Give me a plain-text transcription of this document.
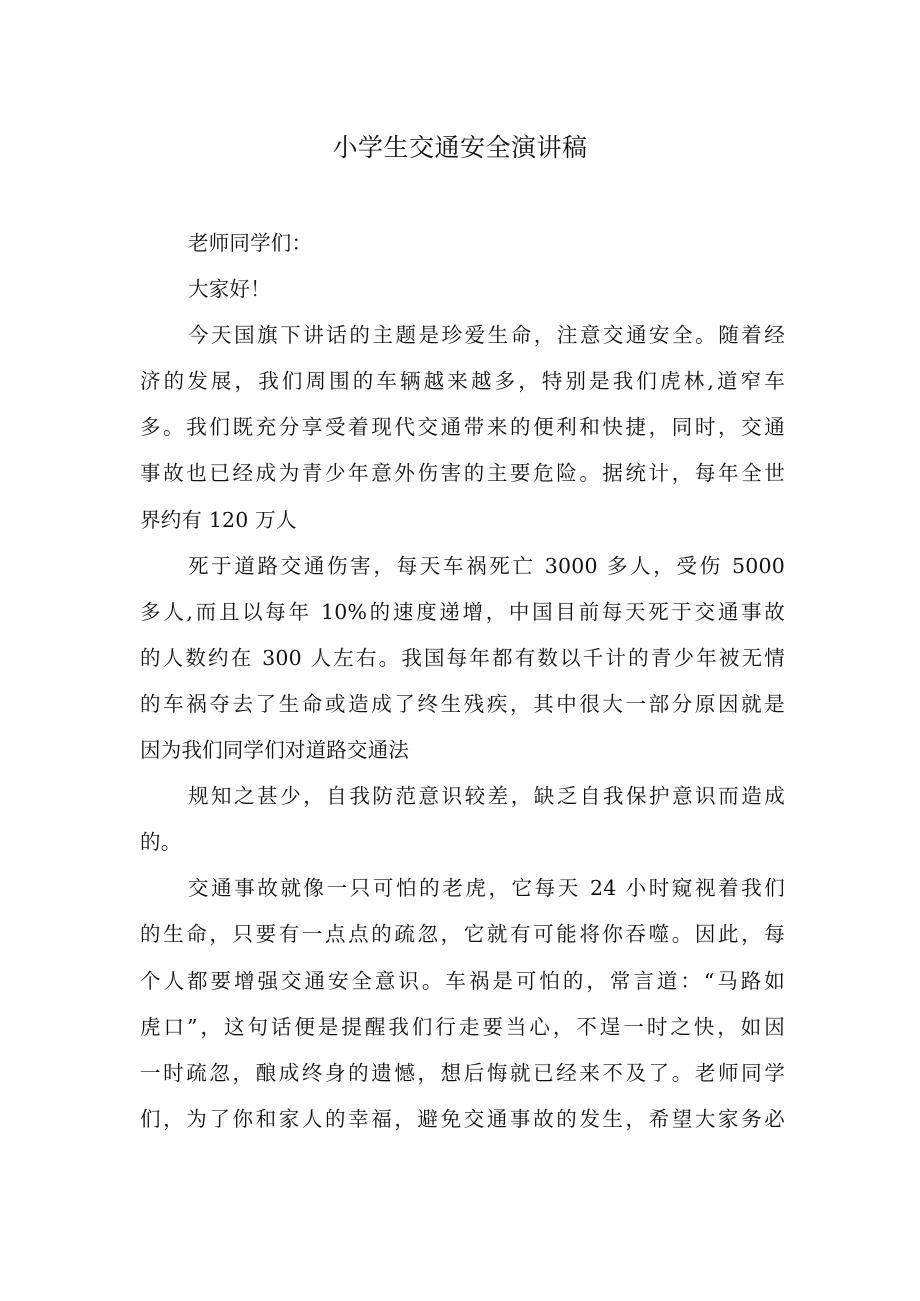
小学生交通安全演讲稿
老师同学们：
大家好！
今天国旗下讲话的主题是珍爱生命，注意交通安全。随着经
济的发展，我们周围的车辆越来越多，特别是我们虎林,道窄车
多。我们既充分享受着现代交通带来的便利和快捷，同时，交通
事故也已经成为青少年意外伤害的主要危险。据统计，每年全世
界约有 120 万人
死于道路交通伤害，每天车祸死亡 3000 多人，受伤 5000
多人,而且以每年 10%的速度递增，中国目前每天死于交通事故
的人数约在 300 人左右。我国每年都有数以千计的青少年被无情
的车祸夺去了生命或造成了终生残疾，其中很大一部分原因就是
因为我们同学们对道路交通法
规知之甚少，自我防范意识较差，缺乏自我保护意识而造成
的。
交通事故就像一只可怕的老虎，它每天 24 小时窥视着我们
的生命，只要有一点点的疏忽，它就有可能将你吞噬。因此，每
个人都要增强交通安全意识。车祸是可怕的，常言道：“马路如
虎口”，这句话便是提醒我们行走要当心，不逞一时之快，如因
一时疏忽，酿成终身的遗憾，想后悔就已经来不及了。老师同学
们，为了你和家人的幸福，避免交通事故的发生，希望大家务必
